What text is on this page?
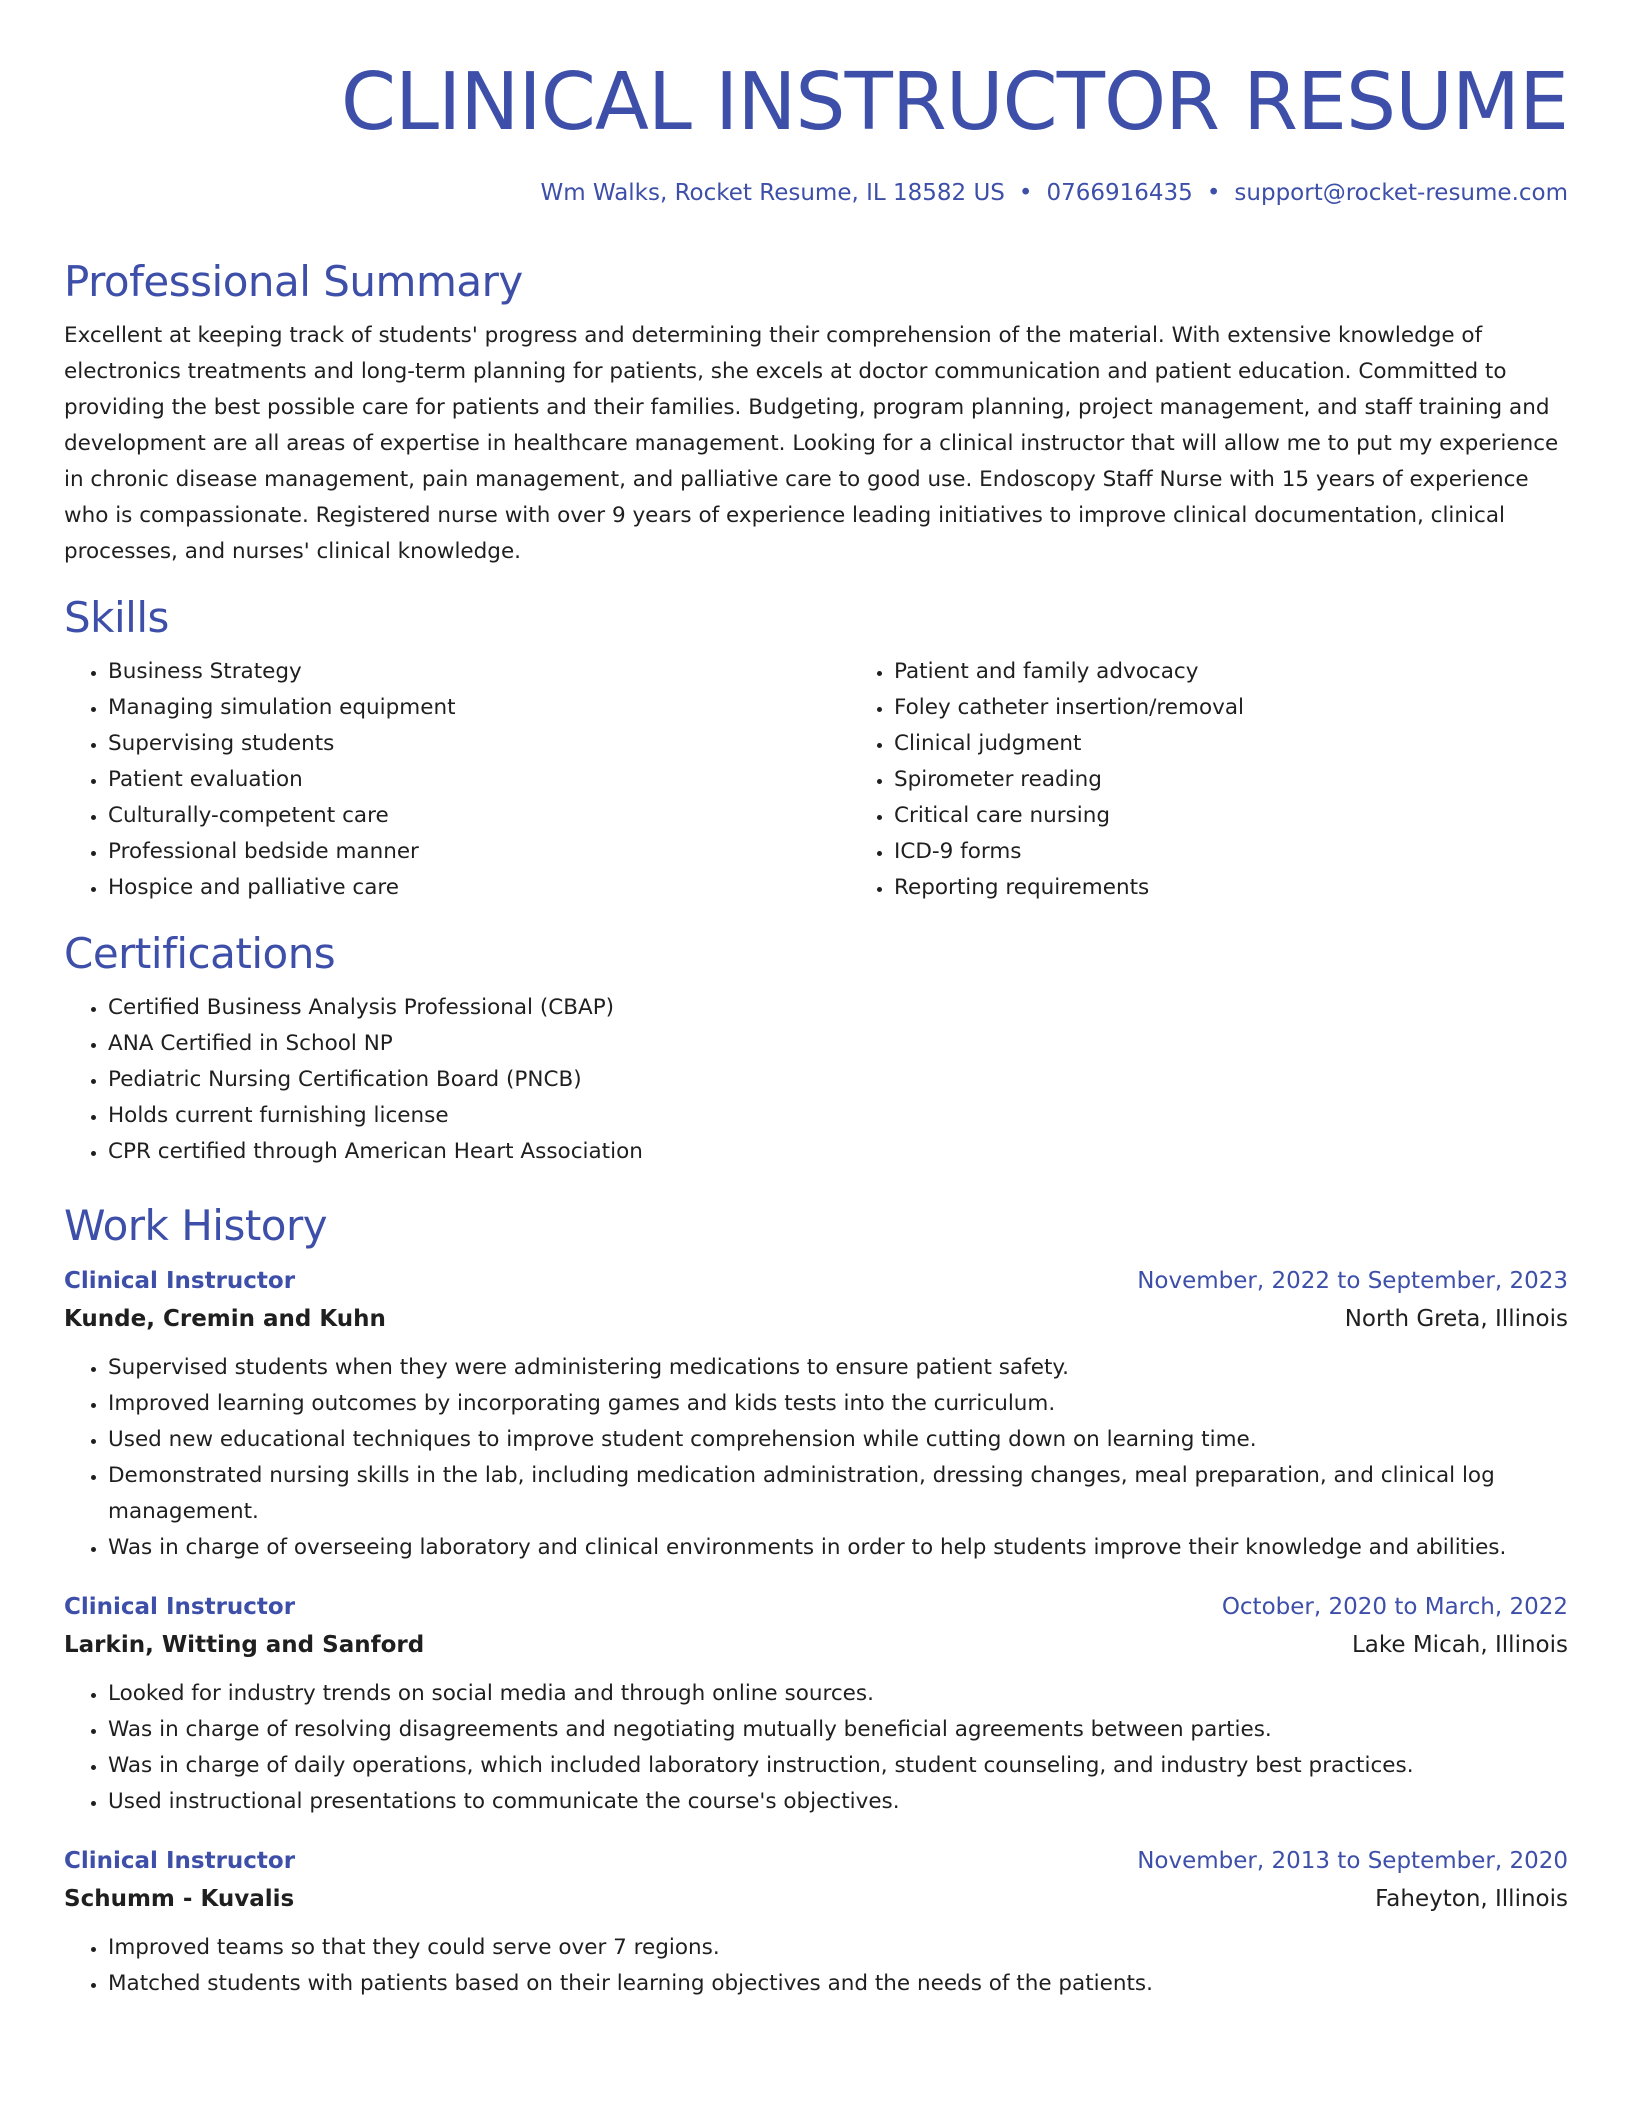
CLINICAL INSTRUCTOR RESUME

Wm Walks, Rocket Resume, IL 18582 US • 0766916435 • support@rocket-resume.com

Professional Summary

Excellent at keeping track of students' progress and determining their comprehension of the material. With extensive knowledge of electronics treatments and long-term planning for patients, she excels at doctor communication and patient education. Committed to providing the best possible care for patients and their families. Budgeting, program planning, project management, and staff training and development are all areas of expertise in healthcare management. Looking for a clinical instructor that will allow me to put my experience in chronic disease management, pain management, and palliative care to good use. Endoscopy Staff Nurse with 15 years of experience who is compassionate. Registered nurse with over 9 years of experience leading initiatives to improve clinical documentation, clinical processes, and nurses' clinical knowledge.

Skills
• Business Strategy
• Managing simulation equipment
• Supervising students
• Patient evaluation
• Culturally-competent care
• Professional bedside manner
• Hospice and palliative care
• Patient and family advocacy
• Foley catheter insertion/removal
• Clinical judgment
• Spirometer reading
• Critical care nursing
• ICD-9 forms
• Reporting requirements
Certifications
• Certified Business Analysis Professional (CBAP)
• ANA Certified in School NP
• Pediatric Nursing Certification Board (PNCB)
• Holds current furnishing license
• CPR certified through American Heart Association
Work History
Clinical Instructor	November, 2022 to September, 2023
Kunde, Cremin and Kuhn	North Greta, Illinois
• Supervised students when they were administering medications to ensure patient safety.
• Improved learning outcomes by incorporating games and kids tests into the curriculum.
• Used new educational techniques to improve student comprehension while cutting down on learning time.
• Demonstrated nursing skills in the lab, including medication administration, dressing changes, meal preparation, and clinical log management.
• Was in charge of overseeing laboratory and clinical environments in order to help students improve their knowledge and abilities.
Clinical Instructor	October, 2020 to March, 2022
Larkin, Witting and Sanford	Lake Micah, Illinois
• Looked for industry trends on social media and through online sources.
• Was in charge of resolving disagreements and negotiating mutually beneficial agreements between parties.
• Was in charge of daily operations, which included laboratory instruction, student counseling, and industry best practices.
• Used instructional presentations to communicate the course's objectives.
Clinical Instructor	November, 2013 to September, 2020
Schumm - Kuvalis	Faheyton, Illinois
• Improved teams so that they could serve over 7 regions.
• Matched students with patients based on their learning objectives and the needs of the patients.
